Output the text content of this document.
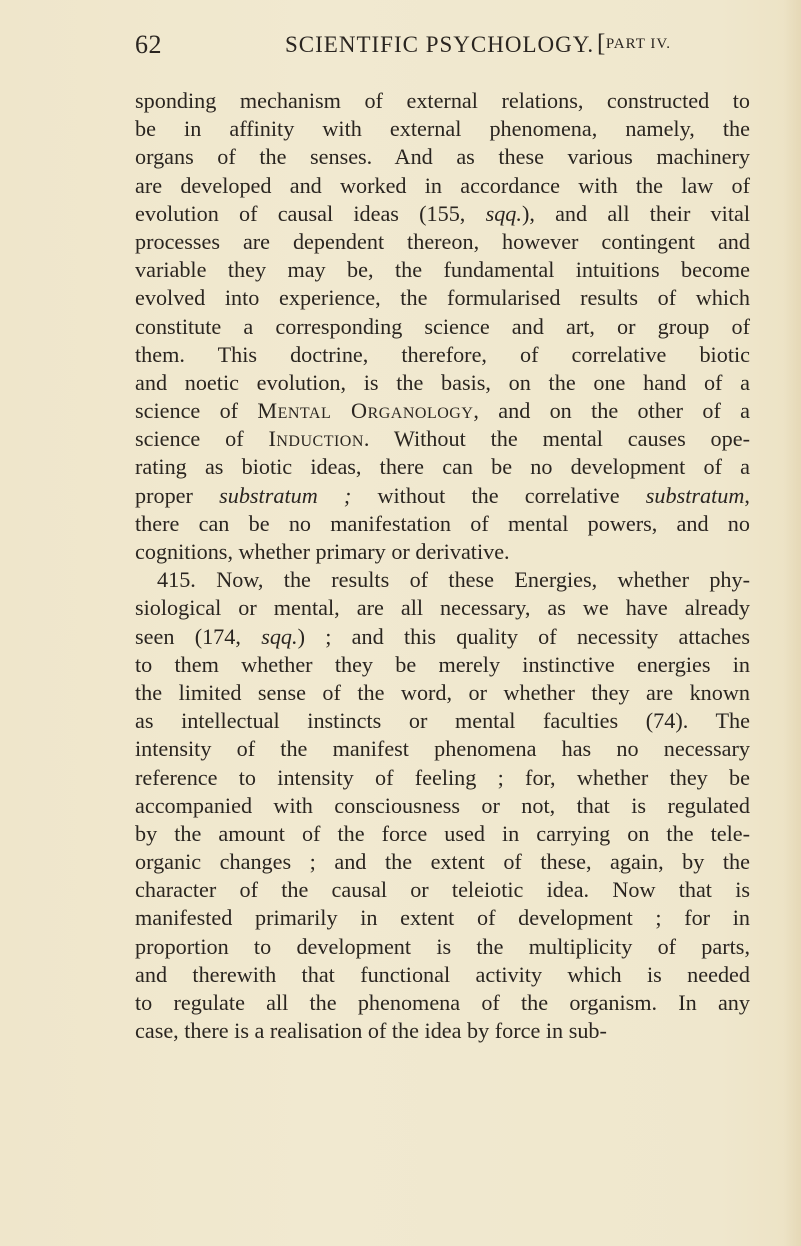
62	SCIENTIFIC PSYCHOLOGY. [PART IV.
sponding mechanism of external relations, constructed to
be in affinity with external phenomena, namely, the
organs of the senses. And as these various machinery
are developed and worked in accordance with the law of
evolution of causal ideas (155, sqq.), and all their vital
processes are dependent thereon, however contingent and
variable they may be, the fundamental intuitions become
evolved into experience, the formularised results of which
constitute a corresponding science and art, or group of
them. This doctrine, therefore, of correlative biotic
and noetic evolution, is the basis, on the one hand of a
science of Mental Organology, and on the other of a
science of Induction. Without the mental causes ope-
rating as biotic ideas, there can be no development of a
proper substratum ; without the correlative substratum,
there can be no manifestation of mental powers, and no
cognitions, whether primary or derivative.
415. Now, the results of these Energies, whether phy-
siological or mental, are all necessary, as we have already
seen (174, sqq.) ; and this quality of necessity attaches
to them whether they be merely instinctive energies in
the limited sense of the word, or whether they are known
as intellectual instincts or mental faculties (74). The
intensity of the manifest phenomena has no necessary
reference to intensity of feeling ; for, whether they be
accompanied with consciousness or not, that is regulated
by the amount of the force used in carrying on the tele-
organic changes ; and the extent of these, again, by the
character of the causal or teleiotic idea. Now that is
manifested primarily in extent of development ; for in
proportion to development is the multiplicity of parts,
and therewith that functional activity which is needed
to regulate all the phenomena of the organism. In any
case, there is a realisation of the idea by force in sub-
